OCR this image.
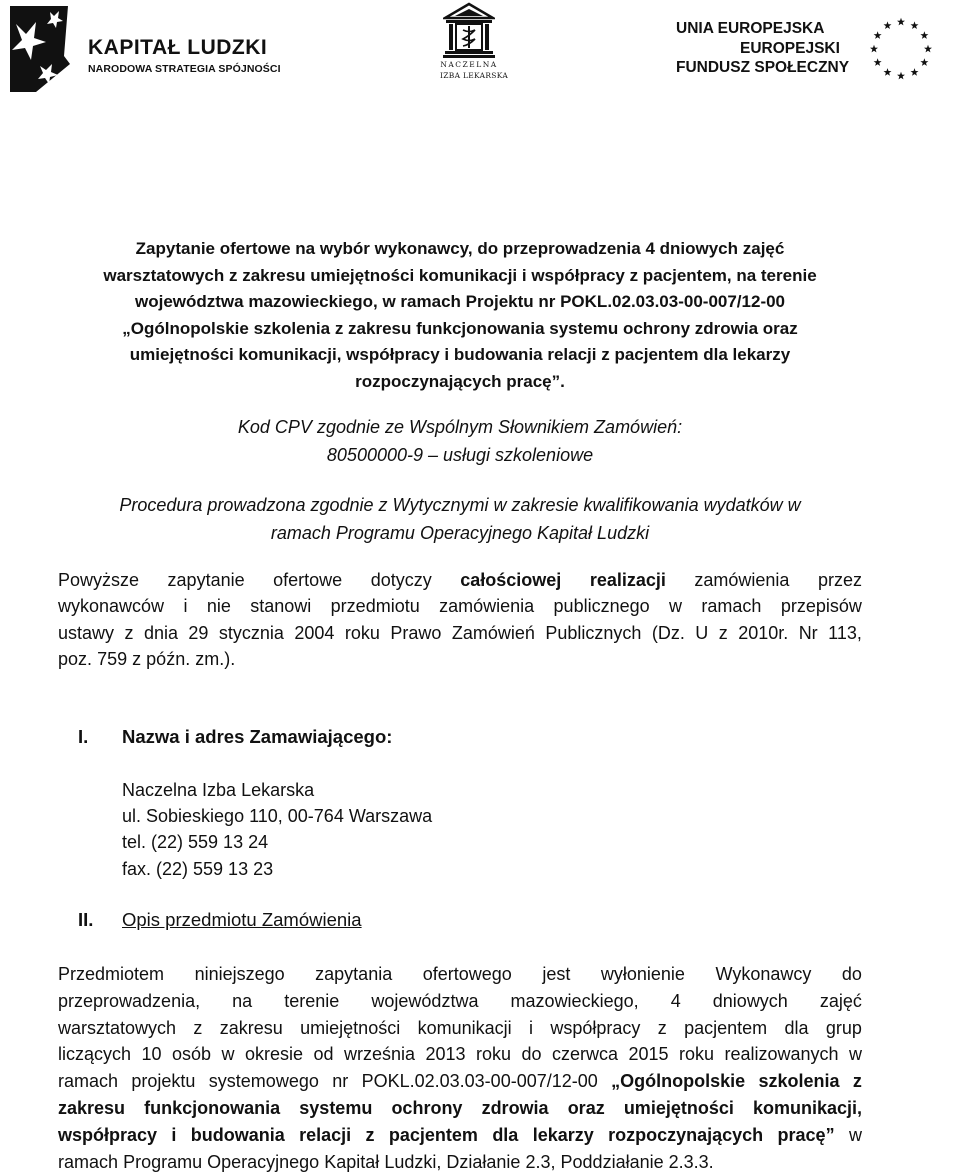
KAPITAŁ LUDZKI
NARODOWA STRATEGIA SPÓJNOŚCI	NACZELNA
IZBA LEKARSKA
UNIA EUROPEJSKA
EUROPEJSKI
FUNDUSZ SPOŁECZNY
Zapytanie ofertowe na wybór wykonawcy, do przeprowadzenia 4 dniowych zajęć
warsztatowych z zakresu umiejętności komunikacji i współpracy z pacjentem, na terenie
województwa mazowieckiego, w ramach Projektu nr POKL.02.03.03-00-007/12-00
„Ogólnopolskie szkolenia z zakresu funkcjonowania systemu ochrony zdrowia oraz
umiejętności komunikacji, współpracy i budowania relacji z pacjentem dla lekarzy
rozpoczynających pracę”.
Kod CPV zgodnie ze Wspólnym Słownikiem Zamówień:
80500000-9 – usługi szkoleniowe
Procedura prowadzona zgodnie z Wytycznymi w zakresie kwalifikowania wydatków w
ramach Programu Operacyjnego Kapitał Ludzki
Powyższe zapytanie ofertowe dotyczy całościowej realizacji zamówienia przez
wykonawców i nie stanowi przedmiotu zamówienia publicznego w ramach przepisów
ustawy z dnia 29 stycznia 2004 roku Prawo Zamówień Publicznych (Dz. U z 2010r. Nr 113,
poz. 759 z późn. zm.).
I. Nazwa i adres Zamawiającego:
Naczelna Izba Lekarska
ul. Sobieskiego 110, 00-764 Warszawa
tel. (22) 559 13 24
fax. (22) 559 13 23
II. Opis przedmiotu Zamówienia
Przedmiotem niniejszego zapytania ofertowego jest wyłonienie Wykonawcy do
przeprowadzenia, na terenie województwa mazowieckiego, 4 dniowych zajęć
warsztatowych z zakresu umiejętności komunikacji i współpracy z pacjentem dla grup
liczących 10 osób w okresie od września 2013 roku do czerwca 2015 roku realizowanych w
ramach projektu systemowego nr POKL.02.03.03-00-007/12-00 „Ogólnopolskie szkolenia z
zakresu funkcjonowania systemu ochrony zdrowia oraz umiejętności komunikacji,
współpracy i budowania relacji z pacjentem dla lekarzy rozpoczynających pracę” w
ramach Programu Operacyjnego Kapitał Ludzki, Działanie 2.3, Poddziałanie 2.3.3.
